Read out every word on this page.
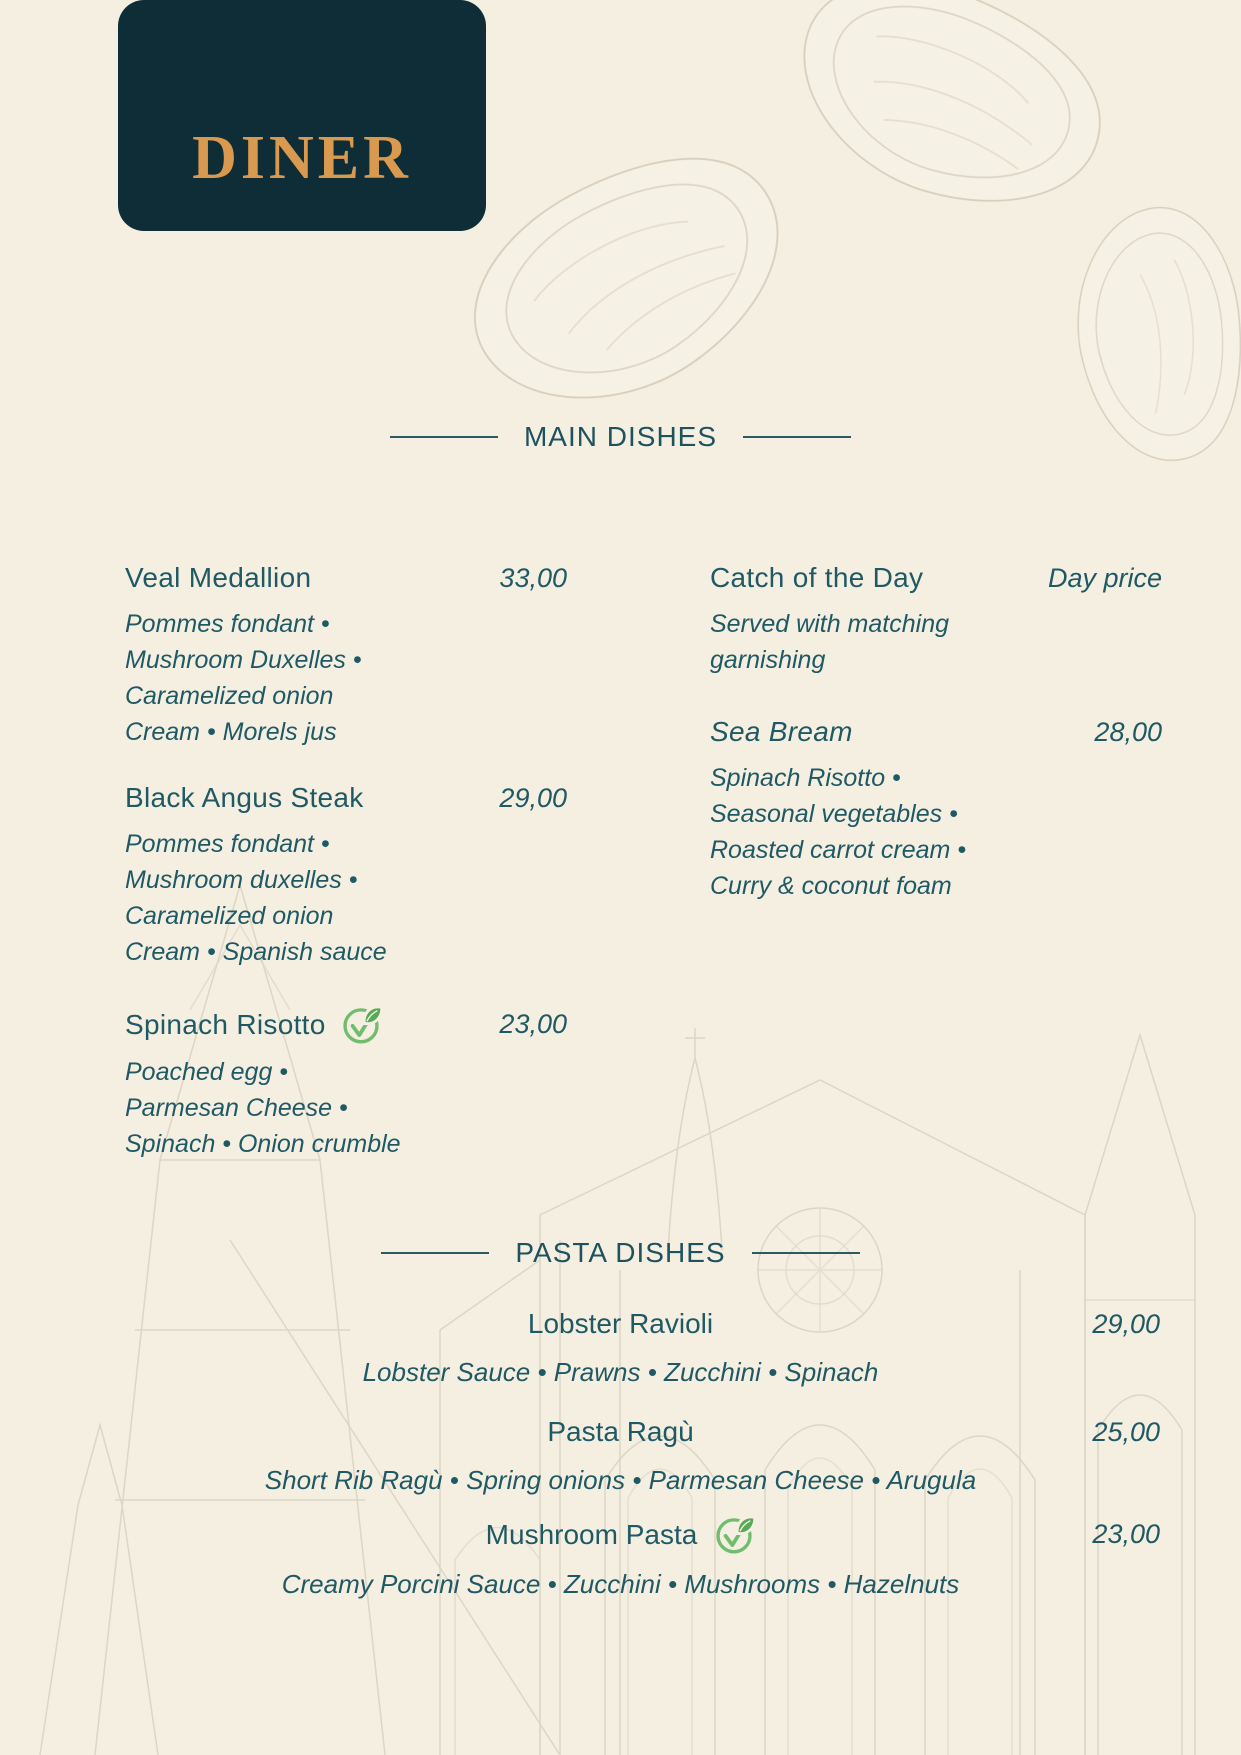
DINER
MAIN DISHES
Veal Medallion	33,00
Pommes fondant •
Mushroom Duxelles •
Caramelized onion
Cream • Morels jus
Black Angus Steak	29,00
Pommes fondant •
Mushroom duxelles •
Caramelized onion
Cream • Spanish sauce
Spinach Risotto	23,00
Poached egg •
Parmesan Cheese •
Spinach • Onion crumble
Catch of the Day	Day price
Served with matching
garnishing
Sea Bream	28,00
Spinach Risotto •
Seasonal vegetables •
Roasted carrot cream •
Curry & coconut foam
PASTA DISHES
Lobster Ravioli	29,00
Lobster Sauce • Prawns • Zucchini • Spinach
Pasta Ragù	25,00
Short Rib Ragù • Spring onions • Parmesan Cheese • Arugula
Mushroom Pasta	23,00
Creamy Porcini Sauce • Zucchini • Mushrooms • Hazelnuts
